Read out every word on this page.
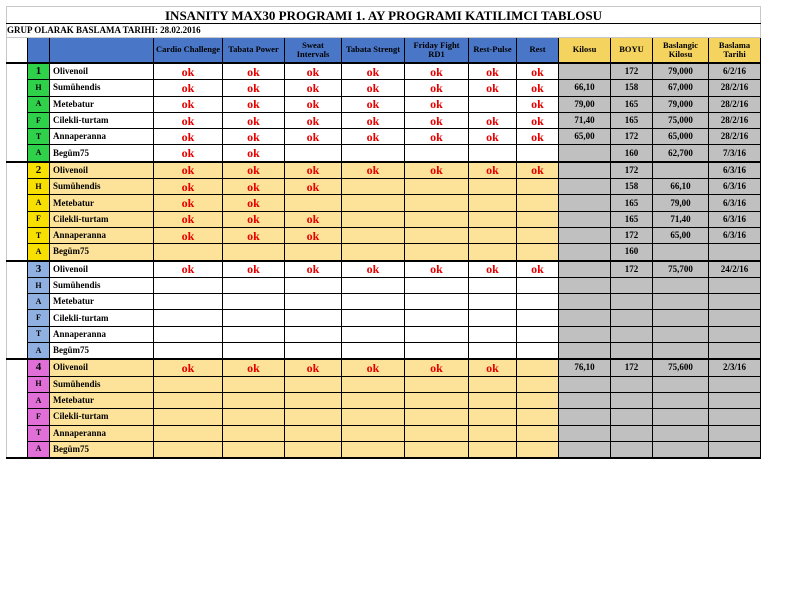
INSANITY MAX30 PROGRAMI 1. AY PROGRAMI KATILIMCI TABLOSU													
GRUP OLARAK BASLAMA TARIHI: 28.02.2016													
			Cardio Challenge	Tabata Power	Sweat Intervals	Tabata Strengt	Friday Fight RD1	Rest-Pulse	Rest	Kilosu	BOYU	Baslangic Kilosu	Baslama Tarihi
	1	Olivenoil	ok	ok	ok	ok	ok	ok	ok		172	79,000	6/2/16
	H	Sumühendis	ok	ok	ok	ok	ok	ok	ok	66,10	158	67,000	28/2/16
	A	Metebatur	ok	ok	ok	ok	ok		ok	79,00	165	79,000	28/2/16
	F	Cilekli-turtam	ok	ok	ok	ok	ok	ok	ok	71,40	165	75,000	28/2/16
	T	Annaperanna	ok	ok	ok	ok	ok	ok	ok	65,00	172	65,000	28/2/16
	A	Begüm75	ok	ok							160	62,700	7/3/16
	2	Olivenoil	ok	ok	ok	ok	ok	ok	ok		172		6/3/16
	H	Sumühendis	ok	ok	ok						158	66,10	6/3/16
	A	Metebatur	ok	ok							165	79,00	6/3/16
	F	Cilekli-turtam	ok	ok	ok						165	71,40	6/3/16
	T	Annaperanna	ok	ok	ok						172	65,00	6/3/16
	A	Begüm75									160		
	3	Olivenoil	ok	ok	ok	ok	ok	ok	ok		172	75,700	24/2/16
	H	Sumühendis											
	A	Metebatur											
	F	Cilekli-turtam											
	T	Annaperanna											
	A	Begüm75											
	4	Olivenoil	ok	ok	ok	ok	ok	ok		76,10	172	75,600	2/3/16
	H	Sumühendis											
	A	Metebatur											
	F	Cilekli-turtam											
	T	Annaperanna											
	A	Begüm75											
